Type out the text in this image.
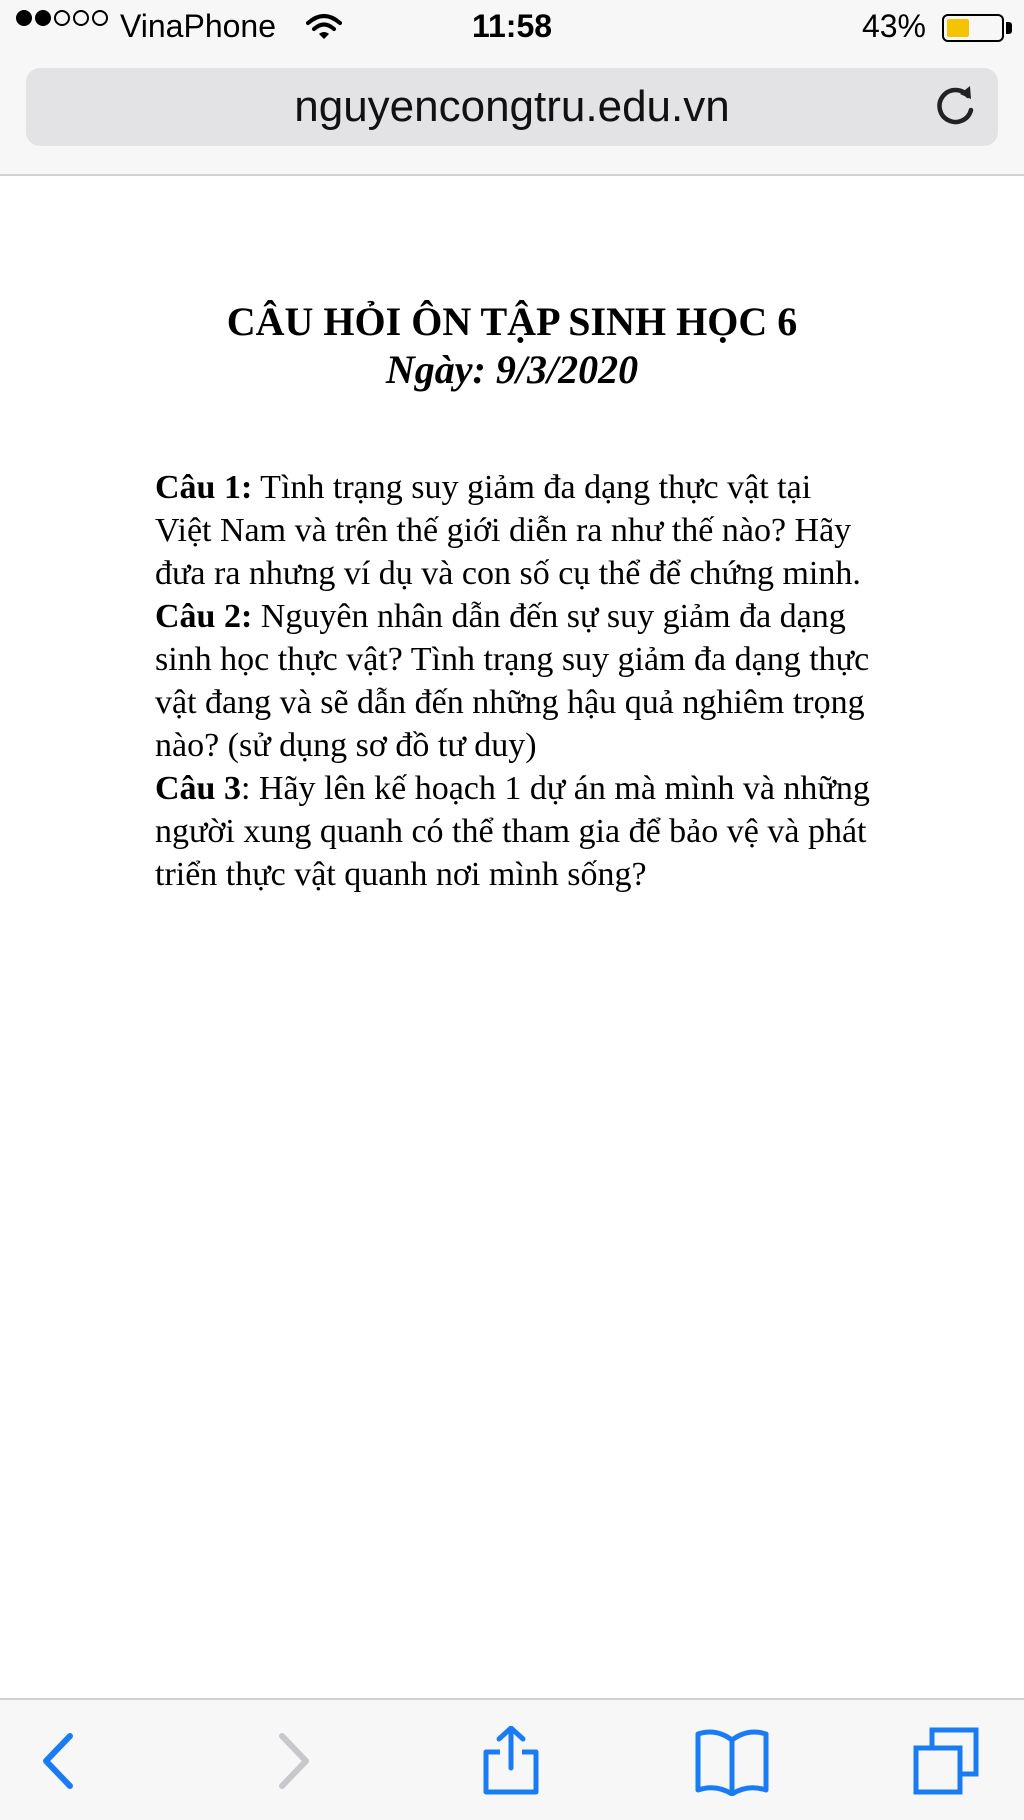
VinaPhone	11:58	43%
nguyencongtru.edu.vn
CÂU HỎI ÔN TẬP SINH HỌC 6
Ngày: 9/3/2020

Câu 1: Tình trạng suy giảm đa dạng thực vật tại Việt Nam và trên thế giới diễn ra như thế nào? Hãy đưa ra nhưng ví dụ và con số cụ thể để chứng minh.

Câu 2: Nguyên nhân dẫn đến sự suy giảm đa dạng sinh học thực vật? Tình trạng suy giảm đa dạng thực vật đang và sẽ dẫn đến những hậu quả nghiêm trọng nào? (sử dụng sơ đồ tư duy)

Câu 3: Hãy lên kế hoạch 1 dự án mà mình và những người xung quanh có thể tham gia để bảo vệ và phát triển thực vật quanh nơi mình sống?
